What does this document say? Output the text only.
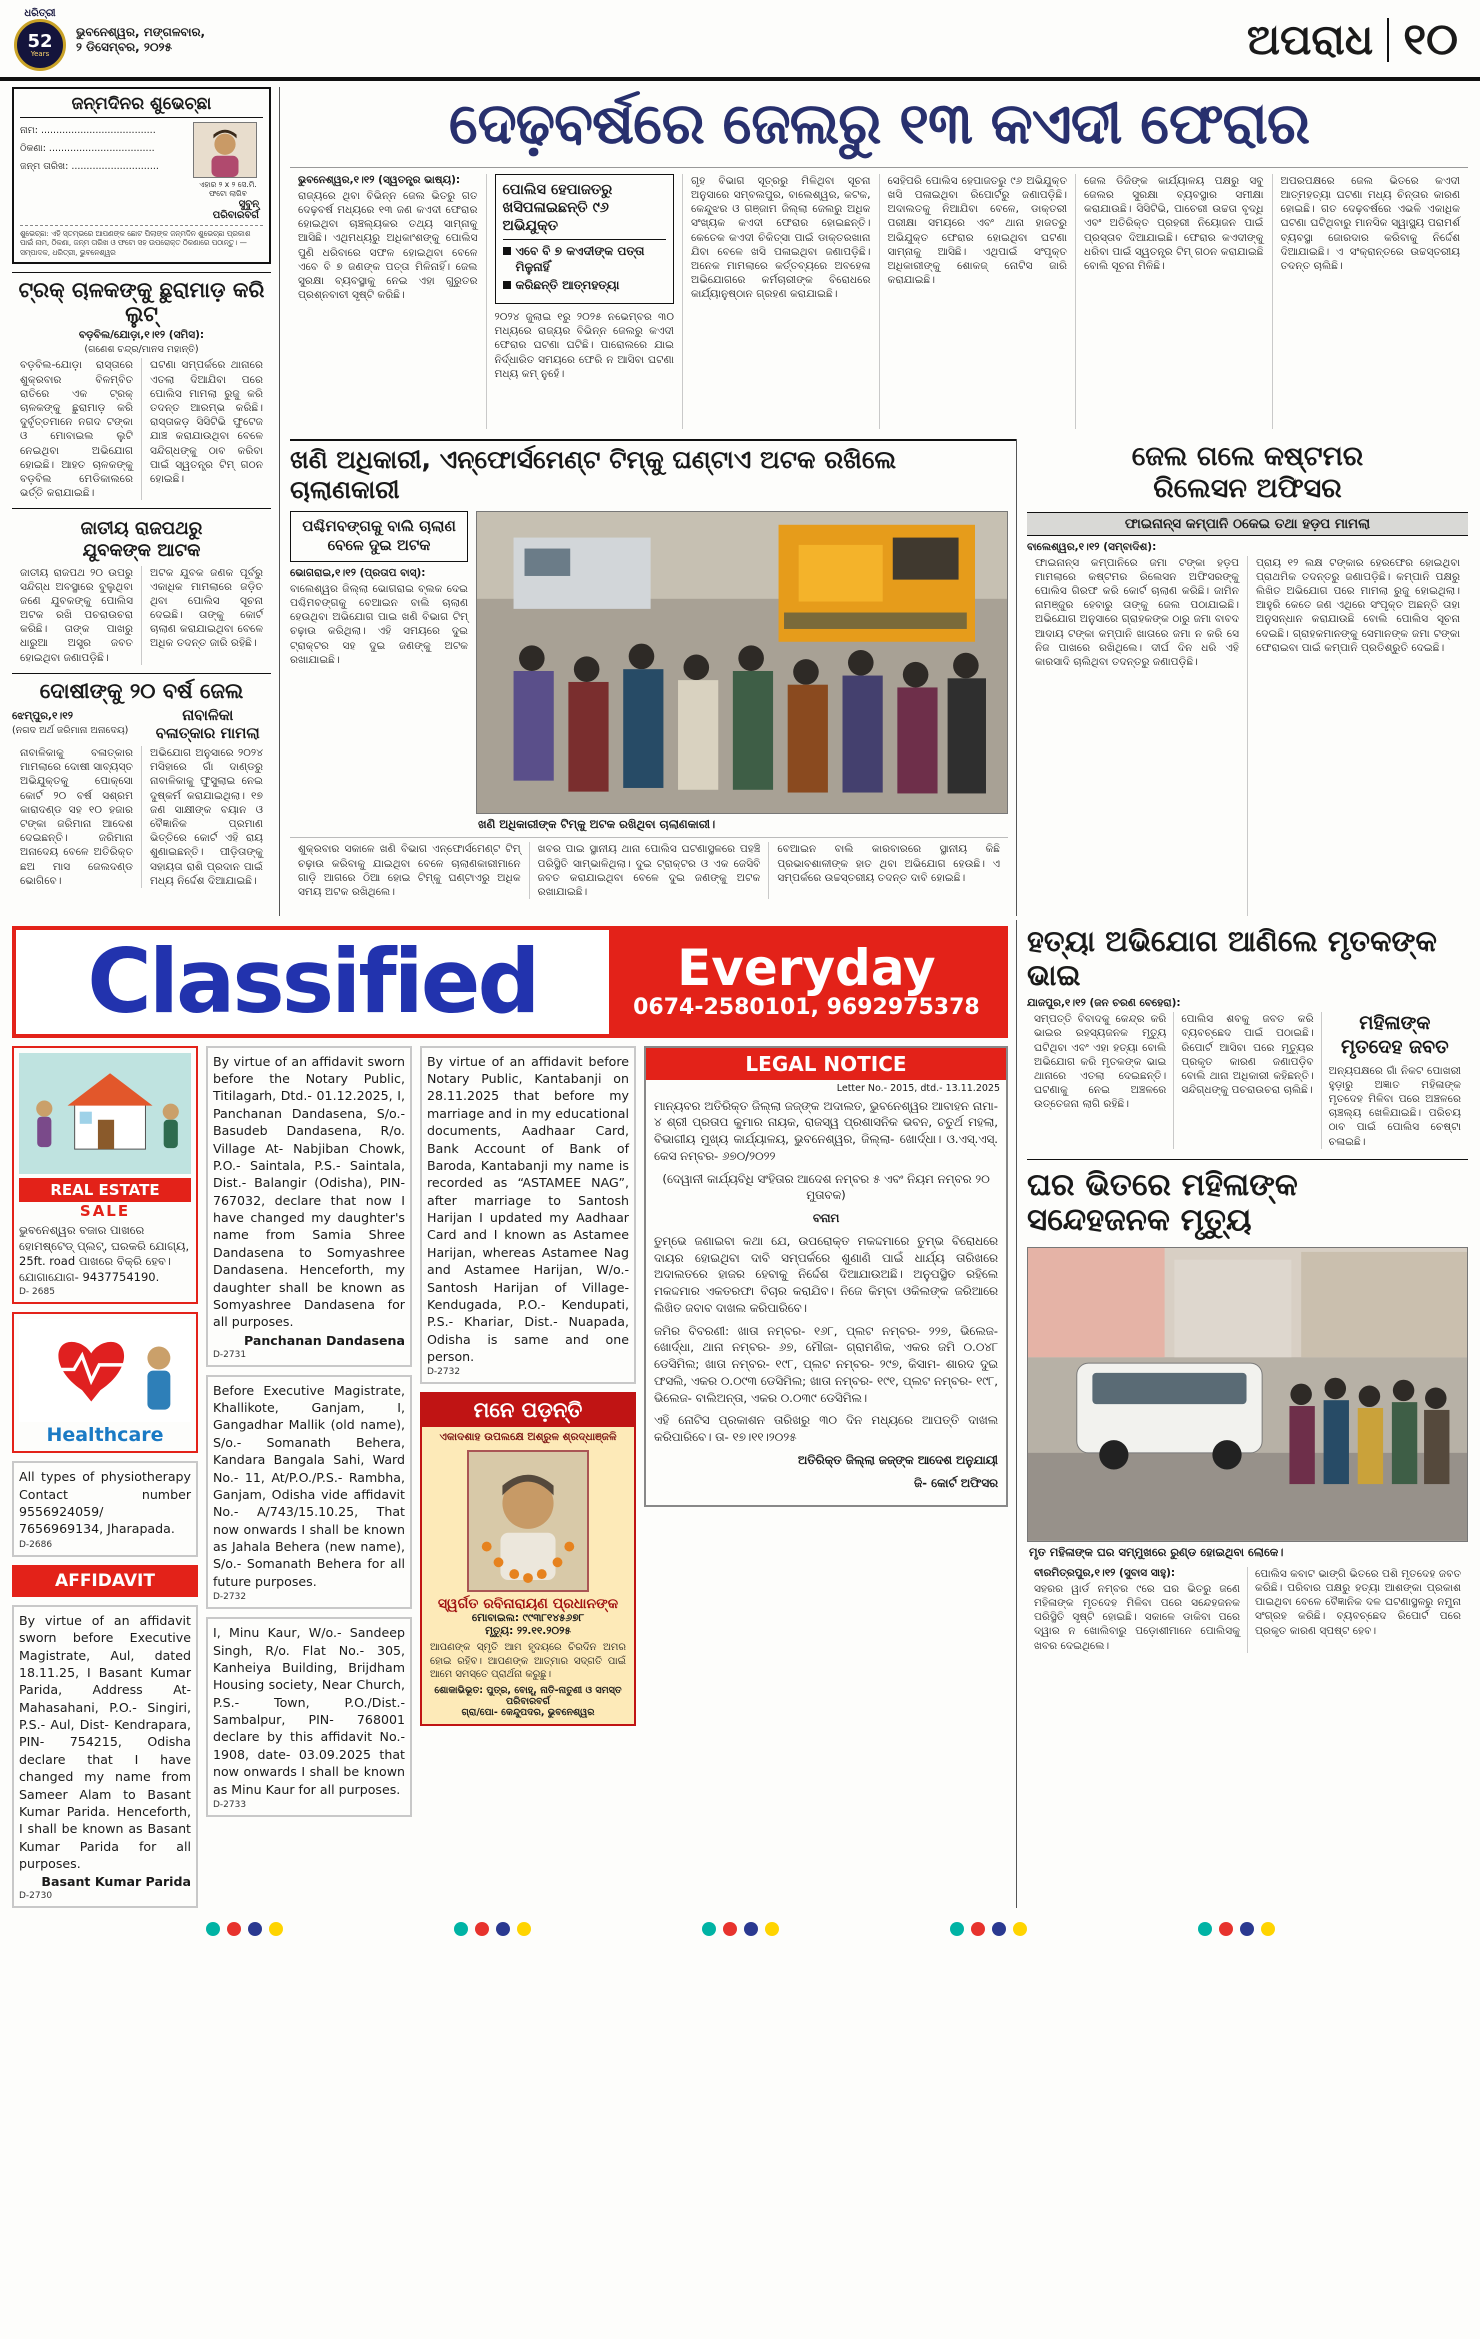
ଧରିତ୍ରୀ
52
Years
ଭୁବନେଶ୍ୱର, ମଙ୍ଗଳବାର,
୨ ଡିସେମ୍ବର, ୨୦୨୫	ଅପରାଧ ୧୦
ଜନ୍ମଦିନର ଶୁଭେଚ୍ଛା
ନାମ: ......................................
ଠିକଣା: ...................................
ଜନ୍ମ ତାରିଖ: .............................
ଏହାର ୨ x ୨ ସେ.ମି. ଫଟୋ ଲାଗିବ
ସୁବୁନ୍
ପରିବାରବର୍ଗ
ଶୁଭେଚ୍ଛା: ଏହି ସ୍ତମ୍ଭରେ ଆପଣଙ୍କ ଛୋଟ ପିଲାଙ୍କ ଜନ୍ମଦିନ ଶୁଭେଚ୍ଛା ପ୍ରକାଶ ପାଇଁ ନାମ, ଠିକଣା, ଜନ୍ମ ତାରିଖ ଓ ଫଟୋ ସହ ଉପରୋକ୍ତ ଠିକଣାରେ ପଠାନ୍ତୁ। — ସମ୍ପାଦକ, ଧରିତ୍ରୀ, ଭୁବନେଶ୍ୱର
ଟ୍ରକ୍ ଚାଳକଙ୍କୁ ଛୁରାମାଡ଼ କରି ଲୁଟ୍
ବଡ଼ବିଲ/ଯୋଡ଼ା,୧।୧୨ (ସମିସ):
(ଗଣେଶ ଚନ୍ଦ୍ର/ମାନସ ମହାନ୍ତି)
ବଡ଼ବିଲ-ଯୋଡ଼ା ରାସ୍ତାରେ ଶୁକ୍ରବାର ବିଳମ୍ବିତ ରାତିରେ ଏକ ଟ୍ରକ୍ ଚାଳକଙ୍କୁ ଛୁରାମାଡ଼ କରି ଦୁର୍ବୃତ୍ତମାନେ ନଗଦ ଟଙ୍କା ଓ ମୋବାଇଲ ଲୁଟି ନେଇଥିବା ଅଭିଯୋଗ ହୋଇଛି। ଆହତ ଚାଳକଙ୍କୁ ବଡ଼ବିଲ ମେଡିକାଲରେ ଭର୍ତ୍ତି କରାଯାଇଛି।
ଘଟଣା ସମ୍ପର୍କରେ ଥାନାରେ ଏତଲା ଦିଆଯିବା ପରେ ପୋଲିସ ମାମଲା ରୁଜୁ କରି ତଦନ୍ତ ଆରମ୍ଭ କରିଛି। ରାସ୍ତାକଡ଼ ସିସିଟିଭି ଫୁଟେଜ ଯାଞ୍ଚ କରାଯାଉଥିବା ବେଳେ ସନ୍ଦିଗ୍ଧଙ୍କୁ ଠାବ କରିବା ପାଇଁ ସ୍ୱତନ୍ତ୍ର ଟିମ୍ ଗଠନ ହୋଇଛି।
ଜାତୀୟ ରାଜପଥରୁ
ଯୁବକଙ୍କ ଆଟକ
ଜାତୀୟ ରାଜପଥ ୨୦ ଉପରୁ ସନ୍ଦିଗ୍ଧ ଅବସ୍ଥାରେ ବୁଲୁଥିବା ଜଣେ ଯୁବକଙ୍କୁ ପୋଲିସ ଅଟକ ରଖି ପଚରାଉଚରା କରିଛି। ତାଙ୍କ ପାଖରୁ ଧାରୁଆ ଅସ୍ତ୍ର ଜବତ ହୋଇଥିବା ଜଣାପଡ଼ିଛି।
ଅଟକ ଯୁବକ ଜଣକ ପୂର୍ବରୁ ଏକାଧିକ ମାମଲାରେ ଜଡ଼ିତ ଥିବା ପୋଲିସ ସୂଚନା ଦେଇଛି। ତାଙ୍କୁ କୋର୍ଟ ଚାଲାଣ କରାଯାଇଥିବା ବେଳେ ଅଧିକ ତଦନ୍ତ ଜାରି ରହିଛି।
ଦୋଷୀଙ୍କୁ ୨୦ ବର୍ଷ ଜେଲ
ଝେମ୍ପୁର,୧।୧୨
(ନଗଦ ଅର୍ଥ ଜରିମାନା ଅନାଦେୟ)
ନାବାଳିକା
ବଳାତ୍କାର ମାମଲା
ନାବାଳିକାକୁ ବଳାତ୍କାର ମାମଲାରେ ଦୋଷୀ ସାବ୍ୟସ୍ତ ଅଭିଯୁକ୍ତକୁ ପୋକ୍ସୋ କୋର୍ଟ ୨୦ ବର୍ଷ ସଶ୍ରମ କାରାଦଣ୍ଡ ସହ ୧୦ ହଜାର ଟଙ୍କା ଜରିମାନା ଆଦେଶ ଦେଇଛନ୍ତି। ଜରିମାନା ଅନାଦେୟ ବେଳେ ଅତିରିକ୍ତ ଛଅ ମାସ ଜେଲଦଣ୍ଡ ଭୋଗିବେ।
ଅଭିଯୋଗ ଅନୁସାରେ ୨୦୨୪ ମସିହାରେ ଗାଁ ଦାଣ୍ଡରୁ ନାବାଳିକାକୁ ଫୁସୁଲାଇ ନେଇ ଦୁଷ୍କର୍ମ କରାଯାଇଥିଲା। ୧୭ ଜଣ ସାକ୍ଷୀଙ୍କ ବୟାନ ଓ ବୈଜ୍ଞାନିକ ପ୍ରମାଣ ଭିତ୍ତିରେ କୋର୍ଟ ଏହି ରାୟ ଶୁଣାଇଛନ୍ତି। ପୀଡ଼ିତାଙ୍କୁ ସହାୟତା ରାଶି ପ୍ରଦାନ ପାଇଁ ମଧ୍ୟ ନିର୍ଦ୍ଦେଶ ଦିଆଯାଇଛି।
ଦେଢ଼ବର୍ଷରେ ଜେଲରୁ ୧୩ କଏଦୀ ଫେରାର
ଭୁବନେଶ୍ୱର,୧।୧୨ (ସ୍ୱତନ୍ତ୍ର ଭାଷ୍ୟ):
ରାଜ୍ୟରେ ଥିବା ବିଭିନ୍ନ ଜେଲ ଭିତରୁ ଗତ ଦେଢ଼ବର୍ଷ ମଧ୍ୟରେ ୧୩ ଜଣ କଏଦୀ ଫେରାର ହୋଇଥିବା ଚାଞ୍ଚଲ୍ୟକର ତଥ୍ୟ ସାମ୍ନାକୁ ଆସିଛି। ଏଥିମଧ୍ୟରୁ ଅଧିକାଂଶଙ୍କୁ ପୋଲିସ ପୁଣି ଧରିବାରେ ସଫଳ ହୋଇଥିବା ବେଳେ ଏବେ ବି ୭ ଜଣଙ୍କ ପତ୍ତା ମିଳିନାହିଁ। ଜେଲ ସୁରକ୍ଷା ବ୍ୟବସ୍ଥାକୁ ନେଇ ଏହା ଗୁରୁତର ପ୍ରଶ୍ନବାଚୀ ସୃଷ୍ଟି କରିଛି।
ପୋଲିସ ହେପାଜତରୁ ଖସିପଳାଇଛନ୍ତି ୯୬ ଅଭିଯୁକ୍ତ
ଏବେ ବି ୭ କଏଦୀଙ୍କ ପତ୍ତା ମିଳୁନାହିଁ
କରିଛନ୍ତି ଆତ୍ମହତ୍ୟା
୨୦୨୪ ଜୁଲାଇ ୧ରୁ ୨୦୨୫ ନଭେମ୍ବର ୩୦ ମଧ୍ୟରେ ରାଜ୍ୟର ବିଭିନ୍ନ ଜେଲରୁ କଏଦୀ ଫେରାର ଘଟଣା ଘଟିଛି। ପାରୋଲରେ ଯାଇ ନିର୍ଦ୍ଧାରିତ ସମୟରେ ଫେରି ନ ଆସିବା ଘଟଣା ମଧ୍ୟ କମ୍ ନୁହେଁ।
ଗୃହ ବିଭାଗ ସୂତ୍ରରୁ ମିଳିଥିବା ସୂଚନା ଅନୁସାରେ ସମ୍ବଲପୁର, ବାଲେଶ୍ୱର, କଟକ, କେନ୍ଦୁଝର ଓ ଗଞ୍ଜାମ ଜିଲ୍ଲା ଜେଲରୁ ଅଧିକ ସଂଖ୍ୟକ କଏଦୀ ଫେରାର ହୋଇଛନ୍ତି। କେତେକ କଏଦୀ ଚିକିତ୍ସା ପାଇଁ ଡାକ୍ତରଖାନା ଯିବା ବେଳେ ଖସି ପଳାଇଥିବା ଜଣାପଡ଼ିଛି। ଅନେକ ମାମଲାରେ କର୍ତ୍ତବ୍ୟରେ ଅବହେଳା ଅଭିଯୋଗରେ କର୍ମଚାରୀଙ୍କ ବିରୋଧରେ କାର୍ଯ୍ୟାନୁଷ୍ଠାନ ଗ୍ରହଣ କରାଯାଇଛି।
ସେହିପରି ପୋଲିସ ହେପାଜତରୁ ୯୬ ଅଭିଯୁକ୍ତ ଖସି ପଳାଇଥିବା ରିପୋର୍ଟରୁ ଜଣାପଡ଼ିଛି। ଅଦାଲତକୁ ନିଆଯିବା ବେଳେ, ଡାକ୍ତରୀ ପରୀକ୍ଷା ସମୟରେ ଏବଂ ଥାନା ହାଜତରୁ ଅଭିଯୁକ୍ତ ଫେରାର ହୋଇଥିବା ଘଟଣା ସାମ୍ନାକୁ ଆସିଛି। ଏଥିପାଇଁ ସଂପୃକ୍ତ ଅଧିକାରୀଙ୍କୁ ଶୋକଜ୍ ନୋଟିସ ଜାରି କରାଯାଇଛି।
ଜେଲ ଡିଜିଙ୍କ କାର୍ଯ୍ୟାଳୟ ପକ୍ଷରୁ ସବୁ ଜେଲର ସୁରକ୍ଷା ବ୍ୟବସ୍ଥାର ସମୀକ୍ଷା କରାଯାଉଛି। ସିସିଟିଭି, ପାଚେରୀ ଉଚ୍ଚତା ବୃଦ୍ଧି ଏବଂ ଅତିରିକ୍ତ ପ୍ରହରୀ ନିୟୋଜନ ପାଇଁ ପ୍ରସ୍ତାବ ଦିଆଯାଇଛି। ଫେରାର କଏଦୀଙ୍କୁ ଧରିବା ପାଇଁ ସ୍ୱତନ୍ତ୍ର ଟିମ୍ ଗଠନ କରାଯାଇଛି ବୋଲି ସୂଚନା ମିଳିଛି।
ଅପରପକ୍ଷରେ ଜେଲ ଭିତରେ କଏଦୀ ଆତ୍ମହତ୍ୟା ଘଟଣା ମଧ୍ୟ ଚିନ୍ତାର କାରଣ ହୋଇଛି। ଗତ ଦେଢ଼ବର୍ଷରେ ଏଭଳି ଏକାଧିକ ଘଟଣା ଘଟିଥିବାରୁ ମାନସିକ ସ୍ୱାସ୍ଥ୍ୟ ପରାମର୍ଶ ବ୍ୟବସ୍ଥା ଜୋରଦାର କରିବାକୁ ନିର୍ଦ୍ଦେଶ ଦିଆଯାଇଛି। ଏ ସଂକ୍ରାନ୍ତରେ ଉଚ୍ଚସ୍ତରୀୟ ତଦନ୍ତ ଚାଲିଛି।
ଖଣି ଅଧିକାରୀ, ଏନ୍‌ଫୋର୍ସମେଣ୍ଟ ଟିମ୍‌କୁ ଘଣ୍ଟାଏ ଅଟକ ରଖିଲେ ଚାଲାଣକାରୀ
ପଶ୍ଚିମବଙ୍ଗକୁ ବାଲି ଚାଲାଣ ବେଳେ ଦୁଇ ଅଟକ
ଭୋଗରାଇ,୧।୧୨ (ପ୍ରତାପ ବାସ୍):
ବାଲେଶ୍ୱର ଜିଲ୍ଲା ଭୋଗରାଇ ବ୍ଲକ ଦେଇ ପଶ୍ଚିମବଙ୍ଗକୁ ବେଆଇନ ବାଲି ଚାଲାଣ ହେଉଥିବା ଅଭିଯୋଗ ପାଇ ଖଣି ବିଭାଗ ଟିମ୍ ଚଢ଼ାଉ କରିଥିଲା। ଏହି ସମୟରେ ଦୁଇ ଟ୍ରାକ୍ଟର ସହ ଦୁଇ ଜଣଙ୍କୁ ଅଟକ ରଖାଯାଇଛି।
ଖଣି ଅଧିକାରୀଙ୍କ ଟିମ୍‌କୁ ଅଟକ ରଖିଥିବା ଚାଲାଣକାରୀ।
ଶୁକ୍ରବାର ସକାଳେ ଖଣି ବିଭାଗ ଏନ୍‌ଫୋର୍ସମେଣ୍ଟ ଟିମ୍ ଚଢ଼ାଉ କରିବାକୁ ଯାଇଥିବା ବେଳେ ଚାଲାଣକାରୀମାନେ ଗାଡ଼ି ଆଗରେ ଠିଆ ହୋଇ ଟିମ୍‌କୁ ଘଣ୍ଟାଏରୁ ଅଧିକ ସମୟ ଅଟକ ରଖିଥିଲେ।
ଖବର ପାଇ ସ୍ଥାନୀୟ ଥାନା ପୋଲିସ ଘଟଣାସ୍ଥଳରେ ପହଞ୍ଚି ପରିସ୍ଥିତି ସାମ୍ଭାଳିଥିଲା। ଦୁଇ ଟ୍ରାକ୍ଟର ଓ ଏକ ଜେସିବି ଜବତ କରାଯାଇଥିବା ବେଳେ ଦୁଇ ଜଣଙ୍କୁ ଅଟକ ରଖାଯାଇଛି।
ବେଆଇନ ବାଲି କାରବାରରେ ସ୍ଥାନୀୟ କିଛି ପ୍ରଭାବଶାଳୀଙ୍କ ହାତ ଥିବା ଅଭିଯୋଗ ହେଉଛି। ଏ ସମ୍ପର୍କରେ ଉଚ୍ଚସ୍ତରୀୟ ତଦନ୍ତ ଦାବି ହୋଇଛି।
ଜେଲ ଗଲେ କଷ୍ଟମର
ରିଲେସନ ଅଫିସର
ଫାଇନାନ୍ସ କମ୍ପାନି ଠକେଇ ତଥା ହଡ଼ପ ମାମଲା
ବାଲେଶ୍ୱର,୧।୧୨ (ସମ୍ବାଦିଶ):
ଫାଇନାନ୍ସ କମ୍ପାନିରେ ଜମା ଟଙ୍କା ହଡ଼ପ ମାମଲାରେ କଷ୍ଟମର ରିଲେସନ ଅଫିସରଙ୍କୁ ପୋଲିସ ଗିରଫ କରି କୋର୍ଟ ଚାଲାଣ କରିଛି। ଜାମିନ ନାମଞ୍ଜୁର ହେବାରୁ ତାଙ୍କୁ ଜେଲ ପଠାଯାଇଛି। ଅଭିଯୋଗ ଅନୁସାରେ ଗ୍ରାହକଙ୍କ ଠାରୁ ଜମା ବାବଦ ଆଦାୟ ଟଙ୍କା କମ୍ପାନି ଖାତାରେ ଜମା ନ କରି ସେ ନିଜ ପାଖରେ ରଖିଥିଲେ। ଦୀର୍ଘ ଦିନ ଧରି ଏହି କାରସାଦି ଚାଲିଥିବା ତଦନ୍ତରୁ ଜଣାପଡ଼ିଛି।
ପ୍ରାୟ ୧୨ ଲକ୍ଷ ଟଙ୍କାର ହେରଫେର ହୋଇଥିବା ପ୍ରାଥମିକ ତଦନ୍ତରୁ ଜଣାପଡ଼ିଛି। କମ୍ପାନି ପକ୍ଷରୁ ଲିଖିତ ଅଭିଯୋଗ ପରେ ମାମଲା ରୁଜୁ ହୋଇଥିଲା। ଆହୁରି କେତେ ଜଣ ଏଥିରେ ସଂପୃକ୍ତ ଅଛନ୍ତି ତାହା ଅନୁସନ୍ଧାନ କରାଯାଉଛି ବୋଲି ପୋଲିସ ସୂଚନା ଦେଇଛି। ଗ୍ରାହକମାନଙ୍କୁ ସେମାନଙ୍କ ଜମା ଟଙ୍କା ଫେରାଇବା ପାଇଁ କମ୍ପାନି ପ୍ରତିଶ୍ରୁତି ଦେଇଛି।
Classified	Everyday
0674-2580101, 9692975378
REAL ESTATE
SALE
ଭୁବନେଶ୍ୱର ବଜାର ପାଖରେ ହୋମଷ୍ଟେଡ୍ ପ୍ଲଟ୍, ଘରକରି ଯୋଗ୍ୟ, 25ft. road ପାଖରେ ବିକ୍ରି ହେବ। ଯୋଗାଯୋଗ- 9437754190.
D- 2685
Healthcare
All types of physiotherapy Contact number 9556924059/ 7656969134, Jharapada.
D-2686
AFFIDAVIT
By virtue of an affidavit sworn before Executive Magistrate, Aul, dated 18.11.25, I Basant Kumar Parida, Address At- Mahasahani, P.O.- Singiri, P.S.- Aul, Dist- Kendrapara, PIN- 754215, Odisha declare that I have changed my name from Sameer Alam to Basant Kumar Parida. Henceforth, I shall be known as Basant Kumar Parida for all purposes.
Basant Kumar Parida
D-2730
By virtue of an affidavit sworn before the Notary Public, Titilagarh, Dtd.- 01.12.2025, I, Panchanan Dandasena, S/o.- Basudeb Dandasena, R/o. Village At- Nabjiban Chowk, P.O.- Saintala, P.S.- Saintala, Dist.- Balangir (Odisha), PIN- 767032, declare that now I have changed my daughter's name from Samia Shree Dandasena to Somyashree Dandasena. Henceforth, my daughter shall be known as Somyashree Dandasena for all purposes.
Panchanan Dandasena
D-2731
Before Executive Magistrate, Khallikote, Ganjam, I, Gangadhar Mallik (old name), S/o.- Somanath Behera, Kandara Bangala Sahi, Ward No.- 11, At/P.O./P.S.- Rambha, Ganjam, Odisha vide affidavit No.- A/743/15.10.25, That now onwards I shall be known as Jahala Behera (new name), S/o.- Somanath Behera for all future purposes.
D-2732
I, Minu Kaur, W/o.- Sandeep Singh, R/o. Flat No.- 305, Kanheiya Building, Brijdham Housing society, Near Church, P.S.- Town, P.O./Dist.- Sambalpur, PIN- 768001 declare by this affidavit No.- 1908, date- 03.09.2025 that now onwards I shall be known as Minu Kaur for all purposes.
D-2733
By virtue of an affidavit before Notary Public, Kantabanji on 28.11.2025 that before my marriage and in my educational documents, Aadhaar Card, Bank Account of Bank of Baroda, Kantabanji my name is recorded as “ASTAMEE NAG”, after marriage to Santosh Harijan I updated my Aadhaar Card and I known as Astamee Harijan, whereas Astamee Nag and Astamee Harijan, W/o.- Santosh Harijan of Village- Kendugada, P.O.- Kendupati, P.S.- Khariar, Dist.- Nuapada, Odisha is same and one person.
D-2732
ମନେ ପଡ଼ନ୍ତି
ଏକାଦଶାହ ଉପଲକ୍ଷେ ଅଶ୍ରୁଳ ଶ୍ରଦ୍ଧାଞ୍ଜଳି
ସ୍ୱର୍ଗତ ରବିନାରାୟଣ ପ୍ରଧାନଙ୍କ
ମୋବାଇଲ: ୯୯୩୮୧୪୫୬୭୮
ମୃତ୍ୟୁ: ୨୨.୧୧.୨୦୨୫
ଆପଣଙ୍କ ସ୍ମୃତି ଆମ ହୃଦୟରେ ଚିରଦିନ ଅମର ହୋଇ ରହିବ। ଆପଣଙ୍କ ଆତ୍ମାର ସଦ୍‌ଗତି ପାଇଁ ଆମେ ସମସ୍ତେ ପ୍ରାର୍ଥନା କରୁଛୁ।
ଶୋକାଭିଭୂତ: ପୁତ୍ର, ବୋହୂ, ନାତି-ନାତୁଣୀ ଓ ସମସ୍ତ ପରିବାରବର୍ଗ
ଗ୍ରା/ପୋ- କେନ୍ଦୁପଦର, ଭୁବନେଶ୍ୱର
LEGAL NOTICE
Letter No.- 2015, dtd.- 13.11.2025

ମାନ୍ୟବର ଅତିରିକ୍ତ ଜିଲ୍ଲା ଜଜ୍‌ଙ୍କ ଅଦାଲତ, ଭୁବନେଶ୍ୱର ଆବାହନ ନାମା- ୪ ଶ୍ରୀ ପ୍ରତାପ କୁମାର ନାୟକ, ରାଜସ୍ୱ ପ୍ରଶାସନିକ ଭବନ, ଚତୁର୍ଥ ମହଲା, ବିଭାଗୀୟ ମୁଖ୍ୟ କାର୍ଯ୍ୟାଳୟ, ଭୁବନେଶ୍ୱର, ଜିଲ୍ଲା- ଖୋର୍ଦ୍ଧା। ଓ.ଏସ୍.ଏସ୍. କେସ ନମ୍ବର- ୬୭୦/୨୦୨୨

(ଦେୱାନୀ କାର୍ଯ୍ୟବିଧି ସଂହିତାର ଆଦେଶ ନମ୍ବର ୫ ଏବଂ ନିୟମ ନମ୍ବର ୨୦ ମୁତାବକ)

ବନାମ

ତୁମ୍ଭେ ଜଣାଇବା କଥା ଯେ, ଉପରୋକ୍ତ ମକଦ୍ଦମାରେ ତୁମ୍ଭ ବିରୋଧରେ ଦାୟର ହୋଇଥିବା ଦାବି ସମ୍ପର୍କରେ ଶୁଣାଣି ପାଇଁ ଧାର୍ଯ୍ୟ ତାରିଖରେ ଅଦାଲତରେ ହାଜର ହେବାକୁ ନିର୍ଦ୍ଦେଶ ଦିଆଯାଉଅଛି। ଅନୁପସ୍ଥିତ ରହିଲେ ମକଦ୍ଦମାର ଏକତରଫା ବିଚାର କରାଯିବ। ନିଜେ କିମ୍ବା ଓକିଲଙ୍କ ଜରିଆରେ ଲିଖିତ ଜବାବ ଦାଖଲ କରିପାରିବେ।

ଜମିର ବିବରଣୀ: ଖାତା ନମ୍ବର- ୧୬୮, ପ୍ଲଟ ନମ୍ବର- ୨୨୭, ଭିଲେଜ- ଖୋର୍ଦ୍ଧା, ଥାନା ନମ୍ବର- ୬୭, ମୌଜା- ଗ୍ରାମଣିକ, ଏକର ଜମି ୦.୦୪୮ ଡେସିମିଲ; ଖାତା ନମ୍ବର- ୧୯୮, ପ୍ଲଟ ନମ୍ବର- ୨୯୭, କିସାମ- ଶାରଦ ଦୁଇ ଫସଲି, ଏକର ୦.୦୯୩ ଡେସିମିଲ; ଖାତା ନମ୍ବର- ୧୯୧, ପ୍ଲଟ ନମ୍ବର- ୧୯୮, ଭିଲେଜ- ବାଲିଅନ୍ତା, ଏକର ୦.୦୩୯ ଡେସିମିଲ।

ଏହି ନୋଟିସ ପ୍ରକାଶନ ତାରିଖରୁ ୩୦ ଦିନ ମଧ୍ୟରେ ଆପତ୍ତି ଦାଖଲ କରିପାରିବେ। ତା- ୧୭।୧୧।୨୦୨୫

ଅତିରିକ୍ତ ଜିଲ୍ଲା ଜଜ୍‌ଙ୍କ ଆଦେଶ ଅନୁଯାୟୀ

ଜି- କୋର୍ଟ ଅଫିସର

ହତ୍ୟା ଅଭିଯୋଗ ଆଣିଲେ ମୃତକଙ୍କ ଭାଇ
ଯାଜପୁର,୧।୧୨ (ଜନ ଚରଣ ବେହେରା):
ସମ୍ପତ୍ତି ବିବାଦକୁ କେନ୍ଦ୍ର କରି ଭାଇର ରହସ୍ୟଜନକ ମୃତ୍ୟୁ ଘଟିଥିବା ଏବଂ ଏହା ହତ୍ୟା ବୋଲି ଅଭିଯୋଗ କରି ମୃତକଙ୍କ ଭାଇ ଥାନାରେ ଏତଲା ଦେଇଛନ୍ତି। ଘଟଣାକୁ ନେଇ ଅଞ୍ଚଳରେ ଉତ୍ତେଜନା ଲାଗି ରହିଛି।
ପୋଲିସ ଶବକୁ ଜବତ କରି ବ୍ୟବଚ୍ଛେଦ ପାଇଁ ପଠାଇଛି। ରିପୋର୍ଟ ଆସିବା ପରେ ମୃତ୍ୟୁର ପ୍ରକୃତ କାରଣ ଜଣାପଡ଼ିବ ବୋଲି ଥାନା ଅଧିକାରୀ କହିଛନ୍ତି। ସନ୍ଦିଗ୍ଧଙ୍କୁ ପଚରାଉଚରା ଚାଲିଛି।
ମହିଳାଙ୍କ ମୃତଦେହ ଜବତ
ଅନ୍ୟପକ୍ଷରେ ଗାଁ ନିକଟ ପୋଖରୀ ହୁଡ଼ାରୁ ଅଜ୍ଞାତ ମହିଳାଙ୍କ ମୃତଦେହ ମିଳିବା ପରେ ଅଞ୍ଚଳରେ ଚାଞ୍ଚଲ୍ୟ ଖେଳିଯାଇଛି। ପରିଚୟ ଠାବ ପାଇଁ ପୋଲିସ ଚେଷ୍ଟା ଚଳାଇଛି।
ଘର ଭିତରେ ମହିଳାଙ୍କ
ସନ୍ଦେହଜନକ ମୃତ୍ୟୁ
ମୃତ ମହିଳାଙ୍କ ଘର ସମ୍ମୁଖରେ ରୁଣ୍ଡ ହୋଇଥିବା ଲୋକେ।
ବୀରମିତ୍ରପୁର,୧।୧୨ (ସୁବାସ ସାହୁ):
ସହରର ୱାର୍ଡ ନମ୍ବର ୯ରେ ଘର ଭିତରୁ ଜଣେ ମହିଳାଙ୍କ ମୃତଦେହ ମିଳିବା ପରେ ସନ୍ଦେହଜନକ ପରିସ୍ଥିତି ସୃଷ୍ଟି ହୋଇଛି। ସକାଳେ ଡାକିବା ପରେ ଦ୍ୱାର ନ ଖୋଲିବାରୁ ପଡ଼ୋଶୀମାନେ ପୋଲିସକୁ ଖବର ଦେଇଥିଲେ।
ପୋଲିସ କବାଟ ଭାଙ୍ଗି ଭିତରେ ପଶି ମୃତଦେହ ଜବତ କରିଛି। ପରିବାର ପକ୍ଷରୁ ହତ୍ୟା ଆଶଙ୍କା ପ୍ରକାଶ ପାଇଥିବା ବେଳେ ବୈଜ୍ଞାନିକ ଦଳ ଘଟଣାସ୍ଥଳରୁ ନମୁନା ସଂଗ୍ରହ କରିଛି। ବ୍ୟବଚ୍ଛେଦ ରିପୋର୍ଟ ପରେ ପ୍ରକୃତ କାରଣ ସ୍ପଷ୍ଟ ହେବ।
